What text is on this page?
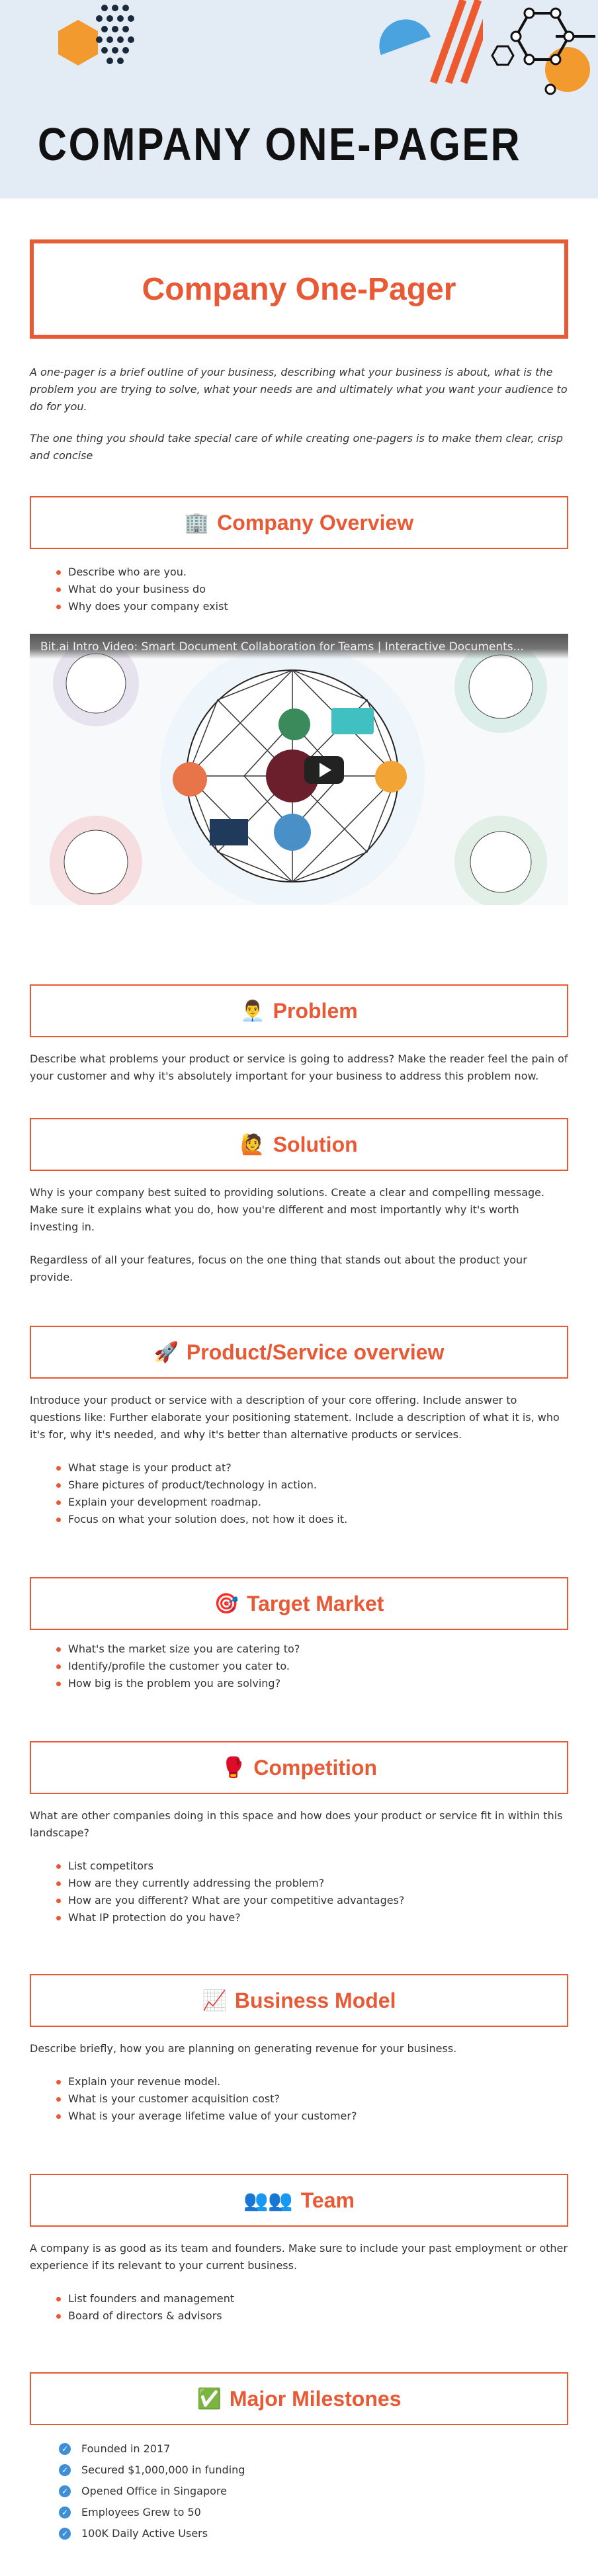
COMPANY ONE-PAGER
Company One-Pager

A one-pager is a brief outline of your business, describing what your business is about, what is the problem you are trying to solve, what your needs are and ultimately what you want your audience to do for you.

The one thing you should take special care of while creating one-pagers is to make them clear, crisp and concise

🏢 Company Overview
Describe who are you.
What do your business do
Why does your company exist
Bit.ai Intro Video: Smart Document Collaboration for Teams | Interactive Documents...
👨‍💼 Problem

Describe what problems your product or service is going to address? Make the reader feel the pain of your customer and why it's absolutely important for your business to address this problem now.

🙋 Solution

Why is your company best suited to providing solutions. Create a clear and compelling message. Make sure it explains what you do, how you're different and most importantly why it's worth investing in.

Regardless of all your features, focus on the one thing that stands out about the product your provide.

🚀 Product/Service overview

Introduce your product or service with a description of your core offering. Include answer to questions like: Further elaborate your positioning statement. Include a description of what it is, who it's for, why it's needed, and why it's better than alternative products or services.

What stage is your product at?
Share pictures of product/technology in action.
Explain your development roadmap.
Focus on what your solution does, not how it does it.
🎯 Target Market
What's the market size you are catering to?
Identify/profile the customer you cater to.
How big is the problem you are solving?
🥊 Competition

What are other companies doing in this space and how does your product or service fit in within this landscape?

List competitors
How are they currently addressing the problem?
How are you different? What are your competitive advantages?
What IP protection do you have?
📈 Business Model

Describe briefly, how you are planning on generating revenue for your business.

Explain your revenue model.
What is your customer acquisition cost?
What is your average lifetime value of your customer?
👥👥 Team

A company is as good as its team and founders. Make sure to include your past employment or other experience if its relevant to your current business.

List founders and management
Board of directors & advisors
✅ Major Milestones
✓ Founded in 2017
✓ Secured $1,000,000 in funding
✓ Opened Office in Singapore
✓ Employees Grew to 50
✓ 100K Daily Active Users
